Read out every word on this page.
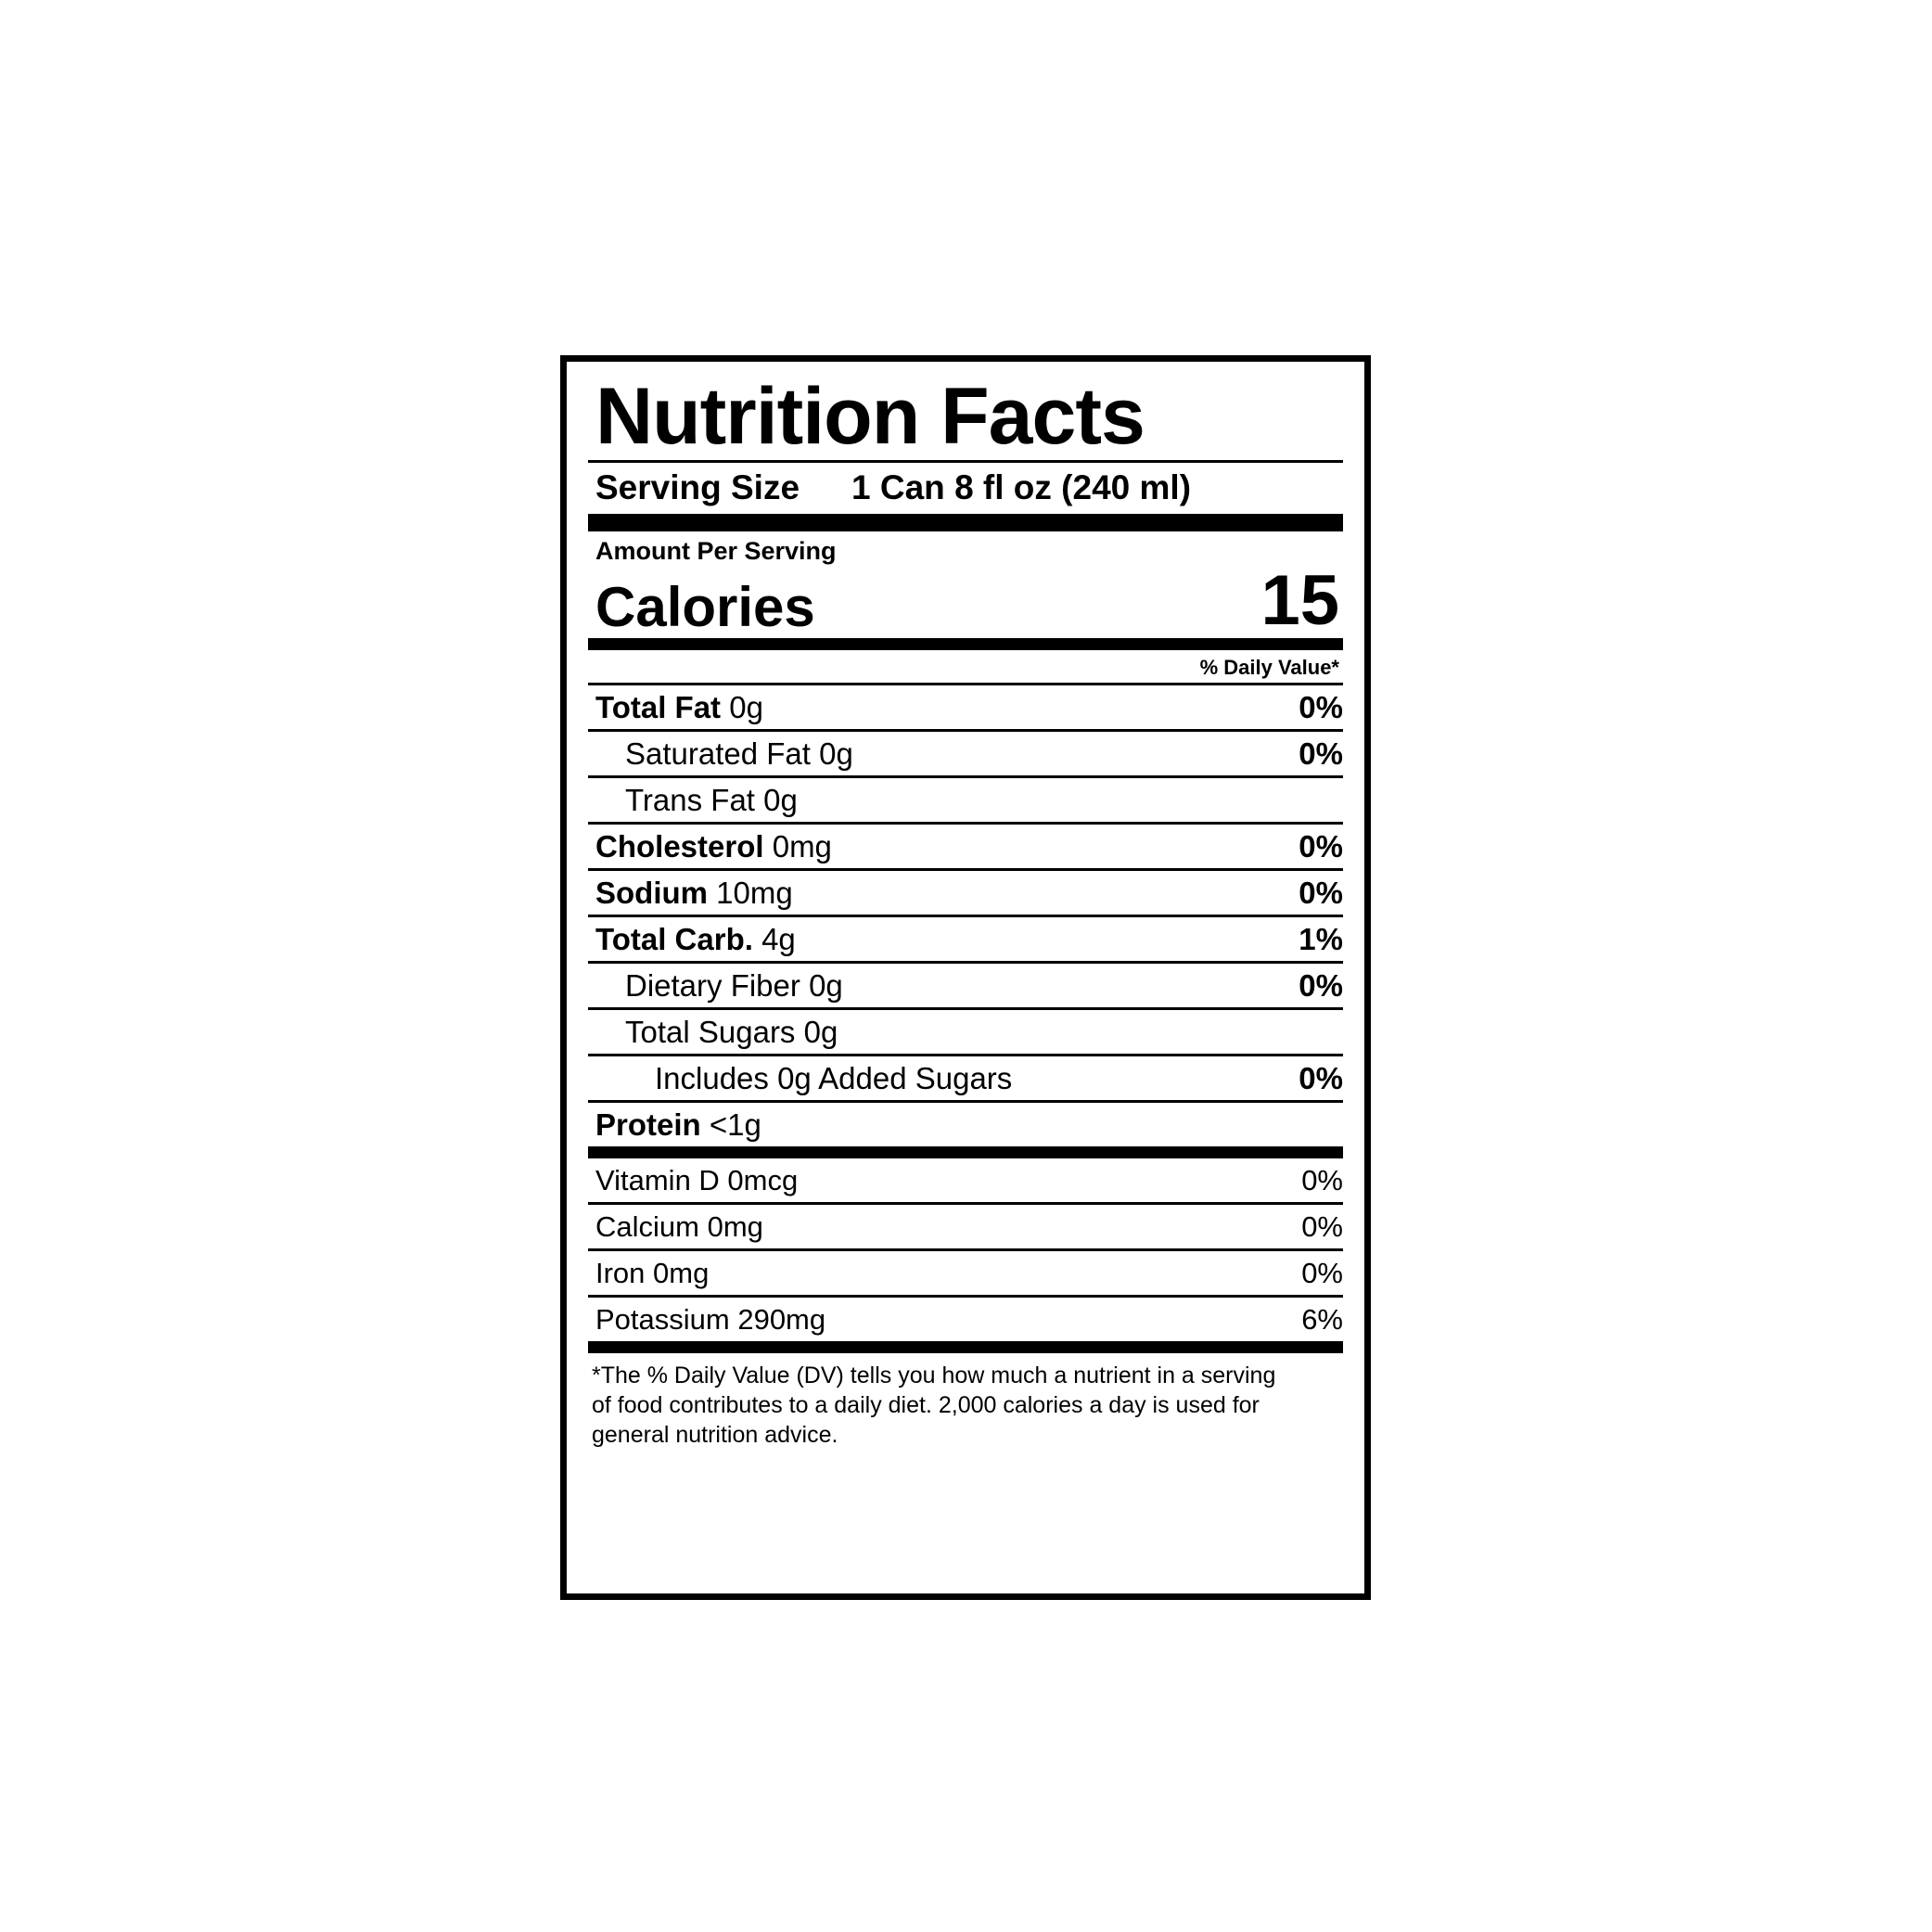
Nutrition Facts
Serving Size 1 Can 8 fl oz (240 ml)
Amount Per Serving
Calories	15
% Daily Value*
Total Fat 0g	0%
Saturated Fat 0g	0%
Trans Fat 0g
Cholesterol 0mg	0%
Sodium 10mg	0%
Total Carb. 4g	1%
Dietary Fiber 0g	0%
Total Sugars 0g
Includes 0g Added Sugars	0%
Protein <1g
Vitamin D 0mcg	0%
Calcium 0mg	0%
Iron 0mg	0%
Potassium 290mg	6%

*The % Daily Value (DV) tells you how much a nutrient in a serving

of food contributes to a daily diet. 2,000 calories a day is used for

general nutrition advice.
